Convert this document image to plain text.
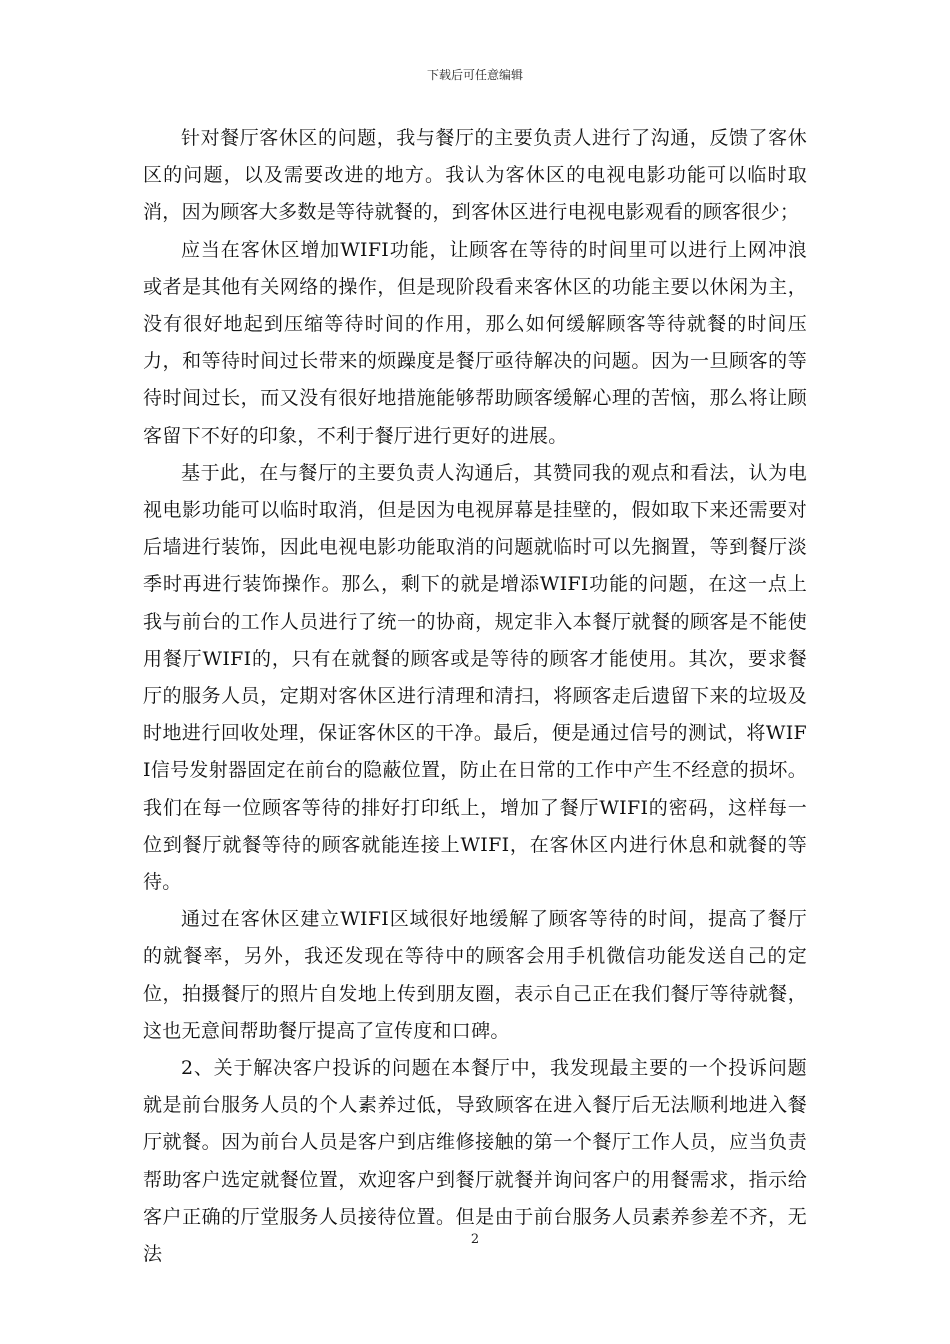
下载后可任意编辑

针对餐厅客休区的问题，我与餐厅的主要负责人进行了沟通，反馈了客休区的问题，以及需要改进的地方。我认为客休区的电视电影功能可以临时取消，因为顾客大多数是等待就餐的，到客休区进行电视电影观看的顾客很少；

应当在客休区增加WIFI功能，让顾客在等待的时间里可以进行上网冲浪或者是其他有关网络的操作，但是现阶段看来客休区的功能主要以休闲为主，没有很好地起到压缩等待时间的作用，那么如何缓解顾客等待就餐的时间压力，和等待时间过长带来的烦躁度是餐厅亟待解决的问题。因为一旦顾客的等待时间过长，而又没有很好地措施能够帮助顾客缓解心理的苦恼，那么将让顾客留下不好的印象，不利于餐厅进行更好的进展。

基于此，在与餐厅的主要负责人沟通后，其赞同我的观点和看法，认为电视电影功能可以临时取消，但是因为电视屏幕是挂壁的，假如取下来还需要对后墙进行装饰，因此电视电影功能取消的问题就临时可以先搁置，等到餐厅淡季时再进行装饰操作。那么，剩下的就是增添WIFI功能的问题，在这一点上我与前台的工作人员进行了统一的协商，规定非入本餐厅就餐的顾客是不能使用餐厅WIFI的，只有在就餐的顾客或是等待的顾客才能使用。其次，要求餐厅的服务人员，定期对客休区进行清理和清扫，将顾客走后遗留下来的垃圾及时地进行回收处理，保证客休区的干净。最后，便是通过信号的测试，将WIFI信号发射器固定在前台的隐蔽位置，防止在日常的工作中产生不经意的损坏。我们在每一位顾客等待的排好打印纸上，增加了餐厅WIFI的密码，这样每一位到餐厅就餐等待的顾客就能连接上WIFI，在客休区内进行休息和就餐的等待。

通过在客休区建立WIFI区域很好地缓解了顾客等待的时间，提高了餐厅的就餐率，另外，我还发现在等待中的顾客会用手机微信功能发送自己的定位，拍摄餐厅的照片自发地上传到朋友圈，表示自己正在我们餐厅等待就餐，这也无意间帮助餐厅提高了宣传度和口碑。

2、关于解决客户投诉的问题在本餐厅中，我发现最主要的一个投诉问题就是前台服务人员的个人素养过低，导致顾客在进入餐厅后无法顺利地进入餐厅就餐。因为前台人员是客户到店维修接触的第一个餐厅工作人员，应当负责帮助客户选定就餐位置，欢迎客户到餐厅就餐并询问客户的用餐需求，指示给客户正确的厅堂服务人员接待位置。但是由于前台服务人员素养参差不齐，无法

2
